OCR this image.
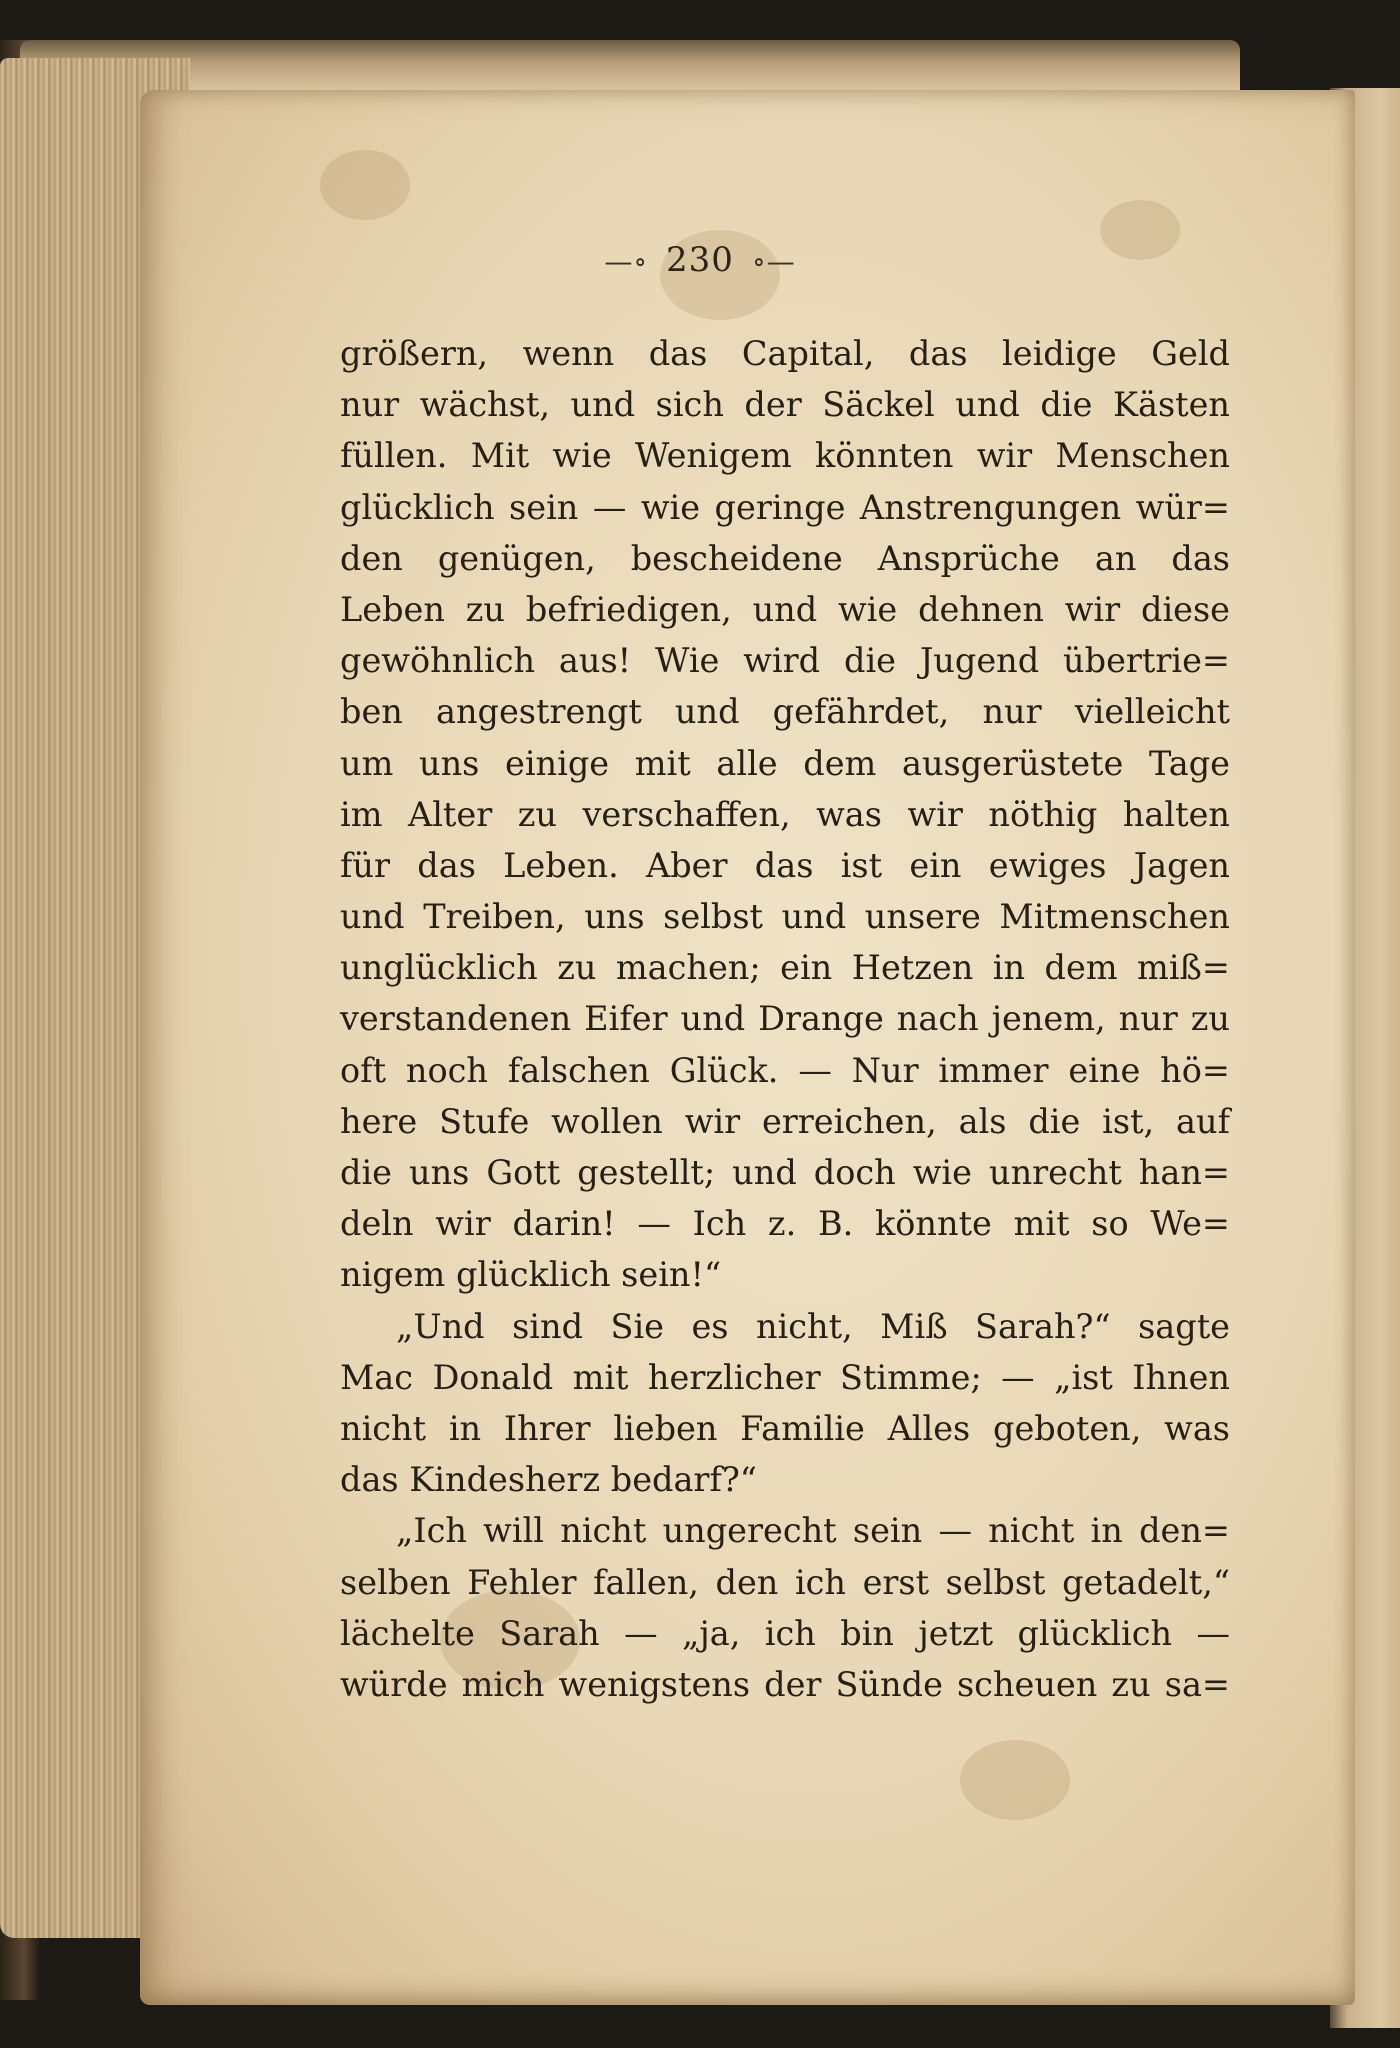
—∘ 230 ∘—
größern, wenn das Capital, das leidige Geld
nur wächst, und sich der Säckel und die Kästen
füllen. Mit wie Wenigem könnten wir Menschen
glücklich sein — wie geringe Anstrengungen wür=
den genügen, bescheidene Ansprüche an das
Leben zu befriedigen, und wie dehnen wir diese
gewöhnlich aus! Wie wird die Jugend übertrie=
ben angestrengt und gefährdet, nur vielleicht
um uns einige mit alle dem ausgerüstete Tage
im Alter zu verschaffen, was wir nöthig halten
für das Leben. Aber das ist ein ewiges Jagen
und Treiben, uns selbst und unsere Mitmenschen
unglücklich zu machen; ein Hetzen in dem miß=
verstandenen Eifer und Drange nach jenem, nur zu
oft noch falschen Glück. — Nur immer eine hö=
here Stufe wollen wir erreichen, als die ist, auf
die uns Gott gestellt; und doch wie unrecht han=
deln wir darin! — Ich z. B. könnte mit so We=
nigem glücklich sein!“
„Und sind Sie es nicht, Miß Sarah?“ sagte
Mac Donald mit herzlicher Stimme; — „ist Ihnen
nicht in Ihrer lieben Familie Alles geboten, was
das Kindesherz bedarf?“
„Ich will nicht ungerecht sein — nicht in den=
selben Fehler fallen, den ich erst selbst getadelt,“
lächelte Sarah — „ja, ich bin jetzt glücklich —
würde mich wenigstens der Sünde scheuen zu sa=
